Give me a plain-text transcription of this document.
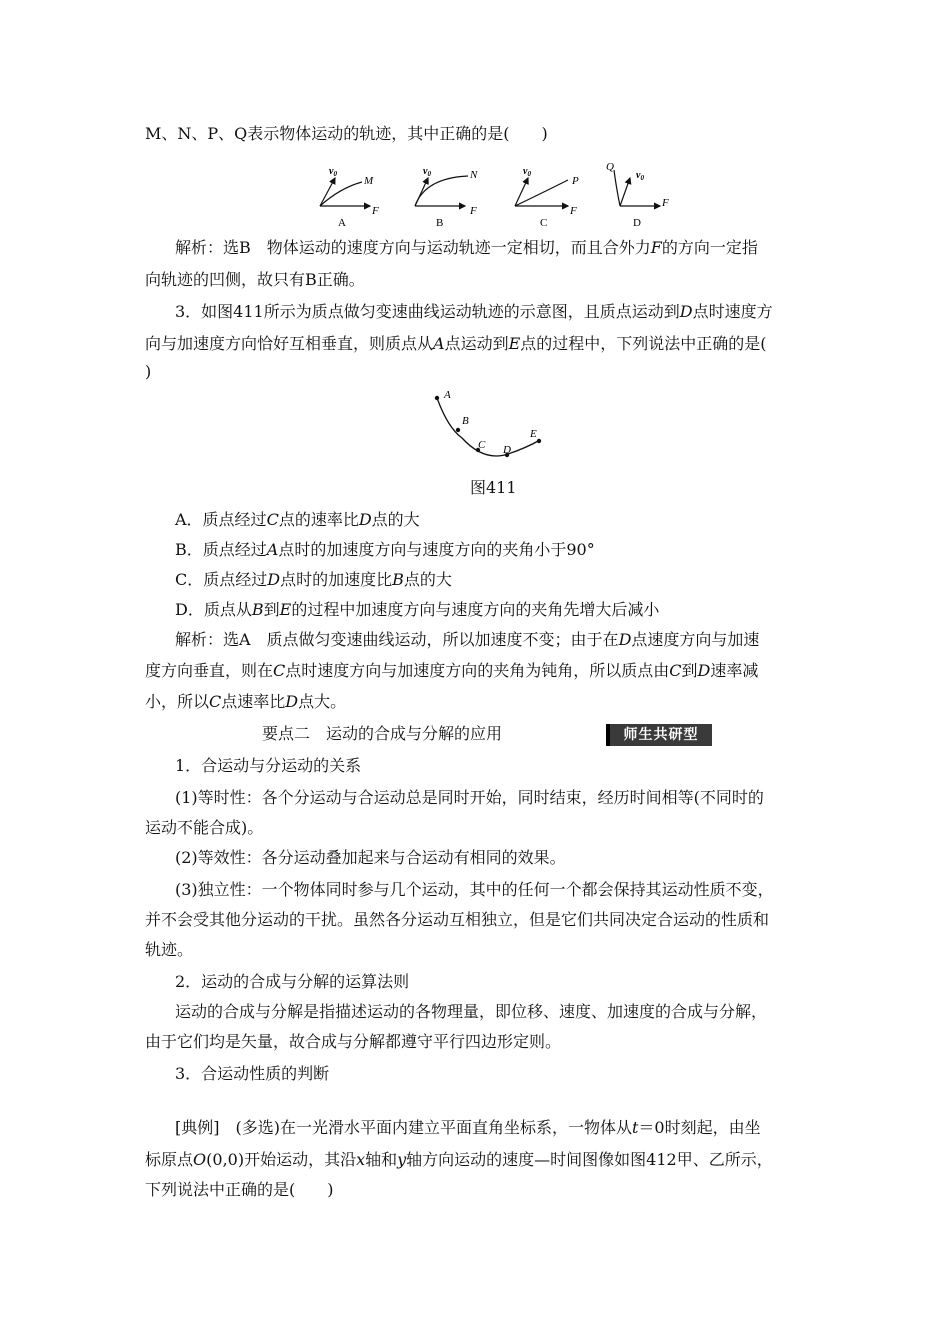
M、N、P、Q表示物体运动的轨迹，其中正确的是(　　)
$v_0$
M
F
A
$v_0$	N
F
B
$v_0$
P
F
C
Q
$v_0$
F
D
解析：选B　物体运动的速度方向与运动轨迹一定相切，而且合外力F的方向一定指
向轨迹的凹侧，故只有B正确。
3．如图411所示为质点做匀变速曲线运动轨迹的示意图，且质点运动到D点时速度方
向与加速度方向恰好互相垂直，则质点从A点运动到E点的过程中，下列说法中正确的是(
)
A
B
C D
E
图411
A．质点经过C点的速率比D点的大
B．质点经过A点时的加速度方向与速度方向的夹角小于90°
C．质点经过D点时的加速度比B点的大
D．质点从B到E的过程中加速度方向与速度方向的夹角先增大后减小
解析：选A　质点做匀变速曲线运动，所以加速度不变；由于在D点速度方向与加速
度方向垂直，则在C点时速度方向与加速度方向的夹角为钝角，所以质点由C到D速率减
小，所以C点速率比D点大。
要点二　运动的合成与分解的应用	师生共研型
1．合运动与分运动的关系
(1)等时性：各个分运动与合运动总是同时开始，同时结束，经历时间相等(不同时的
运动不能合成)。
(2)等效性：各分运动叠加起来与合运动有相同的效果。
(3)独立性：一个物体同时参与几个运动，其中的任何一个都会保持其运动性质不变，
并不会受其他分运动的干扰。虽然各分运动互相独立，但是它们共同决定合运动的性质和
轨迹。
2．运动的合成与分解的运算法则
运动的合成与分解是指描述运动的各物理量，即位移、速度、加速度的合成与分解，
由于它们均是矢量，故合成与分解都遵守平行四边形定则。
3．合运动性质的判断
[典例]　(多选)在一光滑水平面内建立平面直角坐标系，一物体从t＝0时刻起，由坐
标原点O(0,0)开始运动，其沿x轴和y轴方向运动的速度—时间图像如图412甲、乙所示，
下列说法中正确的是(　　)
